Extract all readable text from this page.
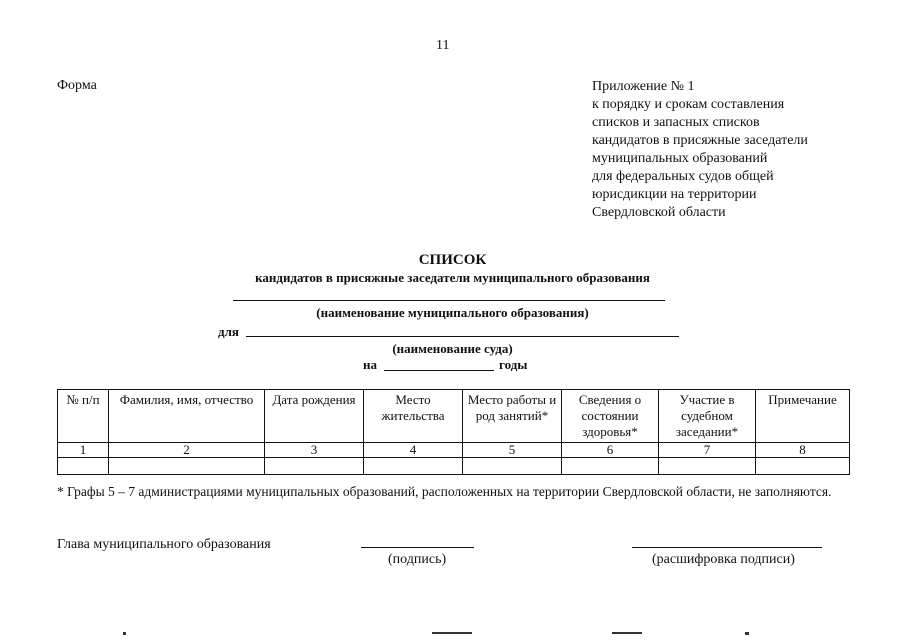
11
Форма	Приложение № 1
к порядку и срокам составления
списков и запасных списков
кандидатов в присяжные заседатели
муниципальных образований
для федеральных судов общей
юрисдикции на территории
Свердловской области
СПИСОК
кандидатов в присяжные заседатели муниципального образования
(наименование муниципального образования)
для
(наименование суда)
на	годы
№ п/п	Фамилия, имя, отчество	Дата рождения	Место жительства	Место работы и род занятий*	Сведения о состоянии здоровья*	Участие в судебном заседании*	Примечание
1	2	3	4	5	6	7	8

* Графы 5 – 7 администрациями муниципальных образований, расположенных на территории Свердловской области, не заполняются.
Глава муниципального образования
(подпись)	(расшифровка подписи)
